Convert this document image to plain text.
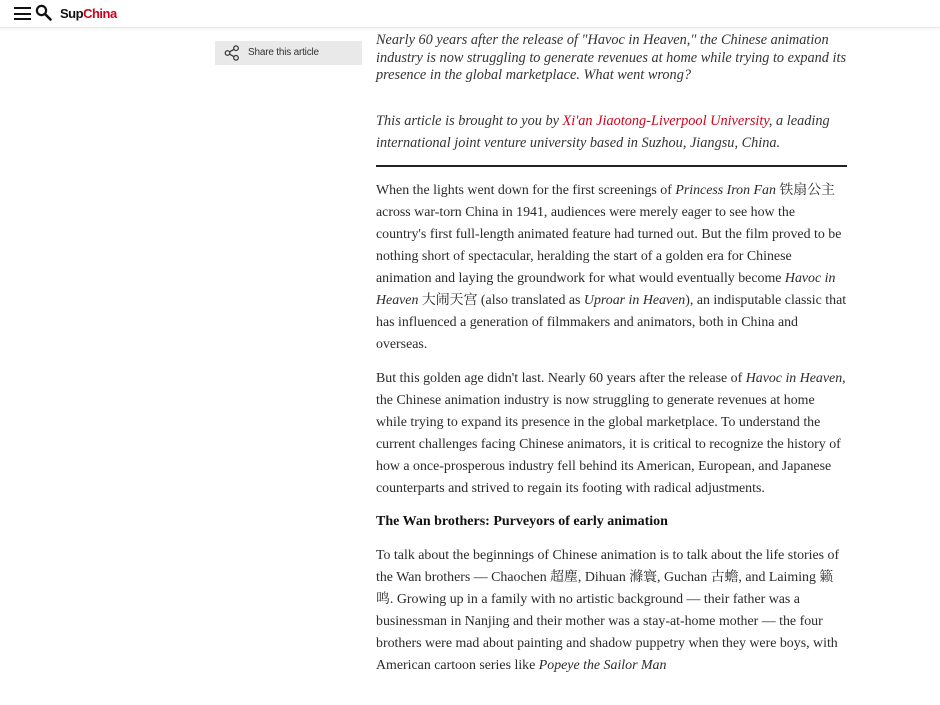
SupChina
Share this article

Nearly 60 years after the release of "Havoc in Heaven," the Chinese animation industry is now struggling to generate revenues at home while trying to expand its presence in the global marketplace. What went wrong?

This article is brought to you by Xi'an Jiaotong-Liverpool University, a leading international joint venture university based in Suzhou, Jiangsu, China.

When the lights went down for the first screenings of Princess Iron Fan 铁扇公主 across war-torn China in 1941, audiences were merely eager to see how the country's first full-length animated feature had turned out. But the film proved to be nothing short of spectacular, heralding the start of a golden era for Chinese animation and laying the groundwork for what would eventually become Havoc in Heaven 大闹天宫 (also translated as Uproar in Heaven), an indisputable classic that has influenced a generation of filmmakers and animators, both in China and overseas.

But this golden age didn't last. Nearly 60 years after the release of Havoc in Heaven, the Chinese animation industry is now struggling to generate revenues at home while trying to expand its presence in the global marketplace. To understand the current challenges facing Chinese animators, it is critical to recognize the history of how a once-prosperous industry fell behind its American, European, and Japanese counterparts and strived to regain its footing with radical adjustments.

The Wan brothers: Purveyors of early animation

To talk about the beginnings of Chinese animation is to talk about the life stories of the Wan brothers — Chaochen 超塵, Dihuan 滌寰, Guchan 古蟾, and Laiming 籁鸣. Growing up in a family with no artistic background — their father was a businessman in Nanjing and their mother was a stay-at-home mother — the four brothers were mad about painting and shadow puppetry when they were boys, with American cartoon series like Popeye the Sailor Man
